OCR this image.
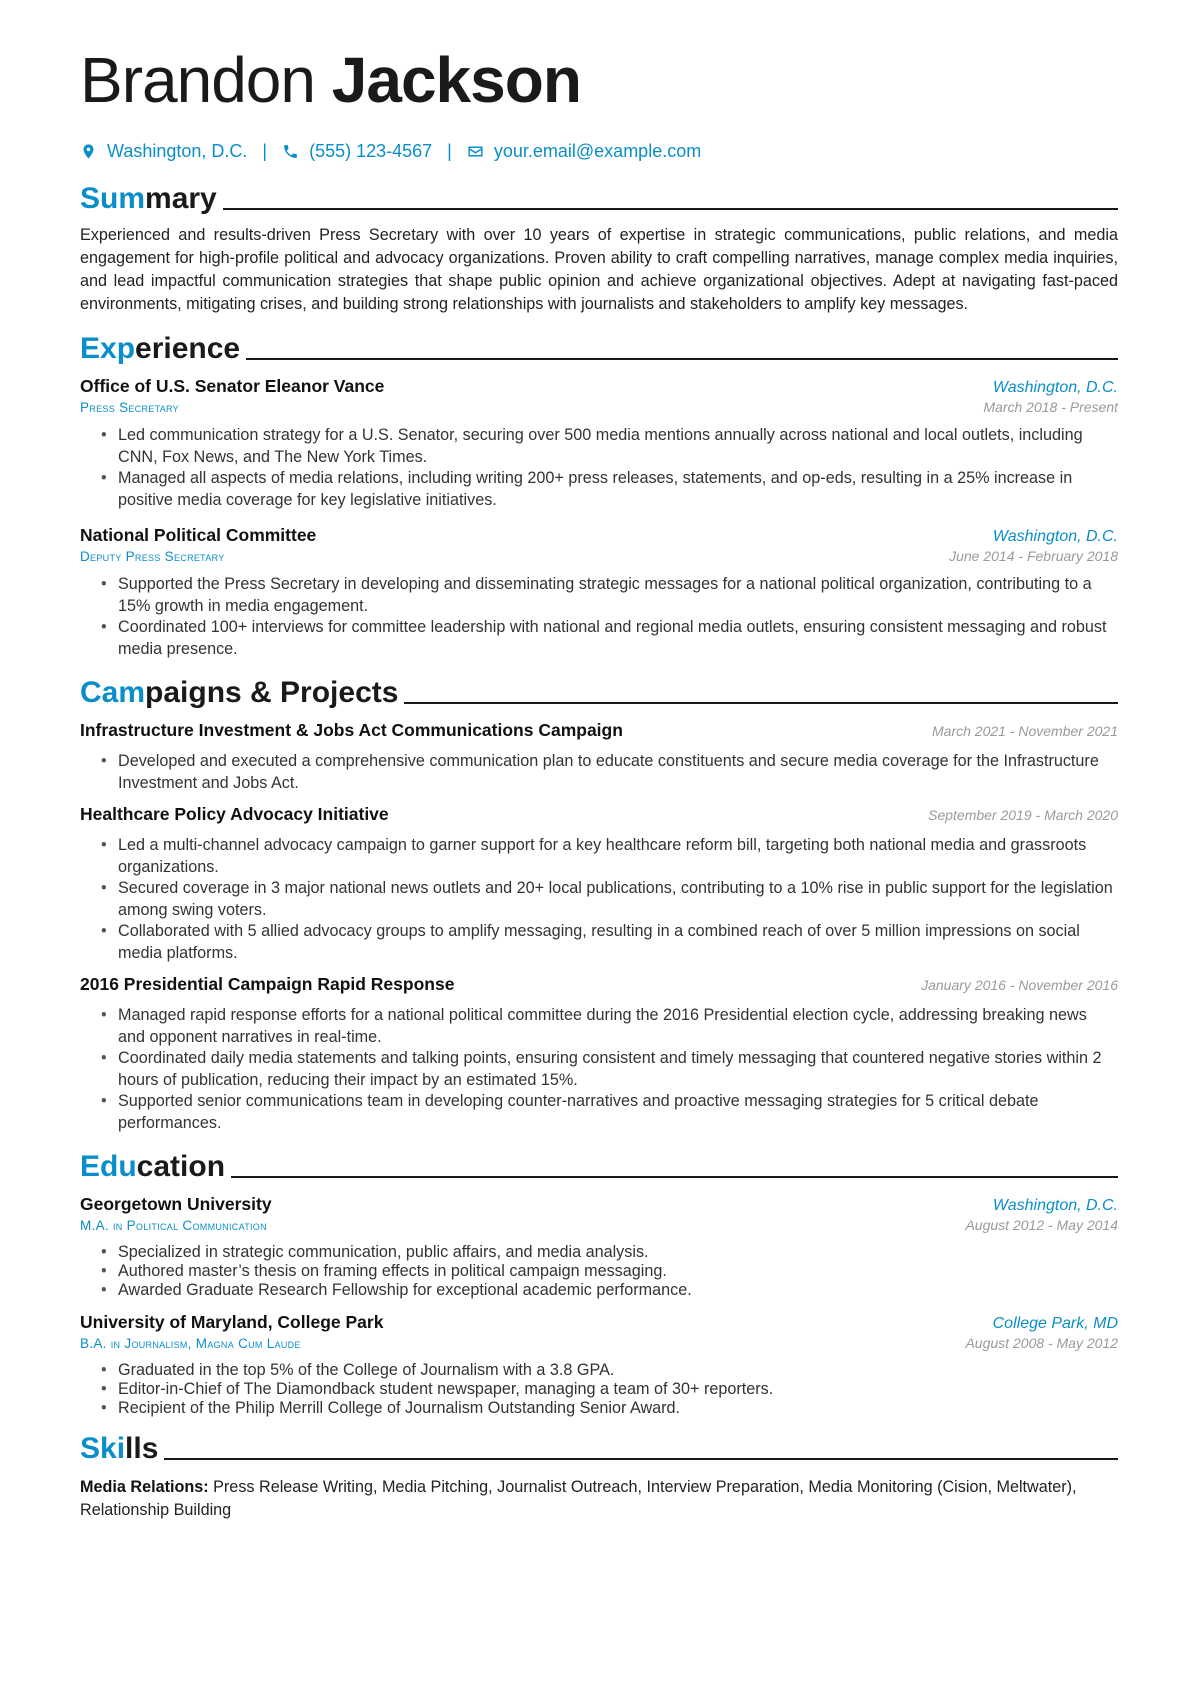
Brandon Jackson
Washington, D.C. | (555) 123-4567 | your.email@example.com
Summary

Experienced and results-driven Press Secretary with over 10 years of expertise in strategic communications, public relations, and media engagement for high-profile political and advocacy organizations. Proven ability to craft compelling narratives, manage complex media inquiries, and lead impactful communication strategies that shape public opinion and achieve organizational objectives. Adept at navigating fast-paced environments, mitigating crises, and building strong relationships with journalists and stakeholders to amplify key messages.

Experience
Office of U.S. Senator Eleanor Vance	Washington, D.C.
Press Secretary	March 2018 - Present
• Led communication strategy for a U.S. Senator, securing over 500 media mentions annually across national and local outlets, including CNN, Fox News, and The New York Times.
• Managed all aspects of media relations, including writing 200+ press releases, statements, and op-eds, resulting in a 25% increase in positive media coverage for key legislative initiatives.
National Political Committee	Washington, D.C.
Deputy Press Secretary	June 2014 - February 2018
• Supported the Press Secretary in developing and disseminating strategic messages for a national political organization, contributing to a 15% growth in media engagement.
• Coordinated 100+ interviews for committee leadership with national and regional media outlets, ensuring consistent messaging and robust media presence.
Campaigns & Projects
Infrastructure Investment & Jobs Act Communications Campaign	March 2021 - November 2021
• Developed and executed a comprehensive communication plan to educate constituents and secure media coverage for the Infrastructure Investment and Jobs Act.
Healthcare Policy Advocacy Initiative	September 2019 - March 2020
• Led a multi-channel advocacy campaign to garner support for a key healthcare reform bill, targeting both national media and grassroots organizations.
• Secured coverage in 3 major national news outlets and 20+ local publications, contributing to a 10% rise in public support for the legislation among swing voters.
• Collaborated with 5 allied advocacy groups to amplify messaging, resulting in a combined reach of over 5 million impressions on social media platforms.
2016 Presidential Campaign Rapid Response	January 2016 - November 2016
• Managed rapid response efforts for a national political committee during the 2016 Presidential election cycle, addressing breaking news and opponent narratives in real-time.
• Coordinated daily media statements and talking points, ensuring consistent and timely messaging that countered negative stories within 2 hours of publication, reducing their impact by an estimated 15%.
• Supported senior communications team in developing counter-narratives and proactive messaging strategies for 5 critical debate performances.
Education
Georgetown University	Washington, D.C.
M.A. in Political Communication	August 2012 - May 2014
• Specialized in strategic communication, public affairs, and media analysis.
• Authored master’s thesis on framing effects in political campaign messaging.
• Awarded Graduate Research Fellowship for exceptional academic performance.
University of Maryland, College Park	College Park, MD
B.A. in Journalism, Magna Cum Laude	August 2008 - May 2012
• Graduated in the top 5% of the College of Journalism with a 3.8 GPA.
• Editor-in-Chief of The Diamondback student newspaper, managing a team of 30+ reporters.
• Recipient of the Philip Merrill College of Journalism Outstanding Senior Award.
Skills
Media Relations: Press Release Writing, Media Pitching, Journalist Outreach, Interview Preparation, Media Monitoring (Cision, Meltwater), Relationship Building
